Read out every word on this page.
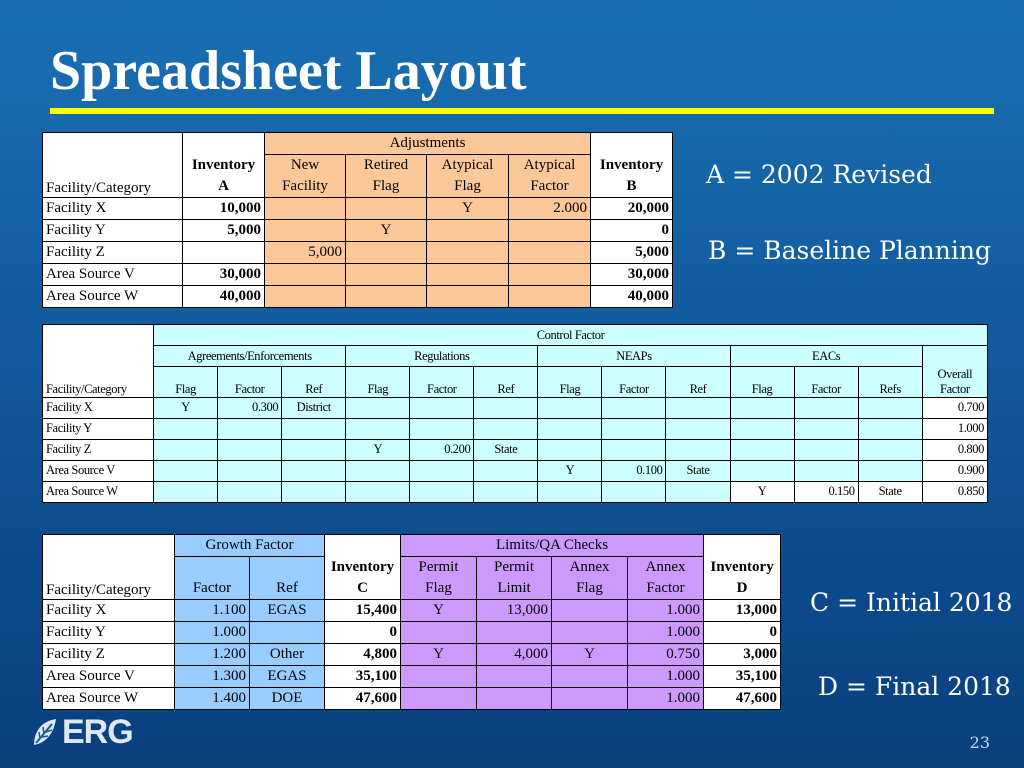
Spreadsheet Layout
Facility/Category		Adjustments				
	Inventory	New	Retired	Atypical	Atypical	Inventory
	A	Facility	Flag	Flag	Factor	B
Facility X	10,000			Y	2.000	20,000
Facility Y	5,000		Y			0
Facility Z		5,000				5,000
Area Source V	30,000					30,000
Area Source W	40,000					40,000
A = 2002 Revised
B = Baseline Planning
Facility/Category	Control Factor												
	Agreements/Enforcements			Regulations			NEAPs			EACs			
	Flag	Factor	Ref	Flag	Factor	Ref	Flag	Factor	Ref	Flag	Factor	Refs	Overall
Factor

Facility X	Y	0.300	District										0.700
Facility Y													1.000
Facility Z				Y	0.200	State							0.800
Area Source V							Y	0.100	State				0.900
Area Source W										Y	0.150	State	0.850
Facility/Category	Growth Factor			Limits/QA Checks				
			Inventory	Permit	Permit	Annex	Annex	Inventory
	Factor	Ref	C	Flag	Limit	Flag	Factor	D
Facility X	1.100	EGAS	15,400	Y	13,000		1.000	13,000
Facility Y	1.000		0				1.000	0
Facility Z	1.200	Other	4,800	Y	4,000	Y	0.750	3,000
Area Source V	1.300	EGAS	35,100				1.000	35,100
Area Source W	1.400	DOE	47,600				1.000	47,600
C = Initial 2018
D = Final 2018
ERG	23
